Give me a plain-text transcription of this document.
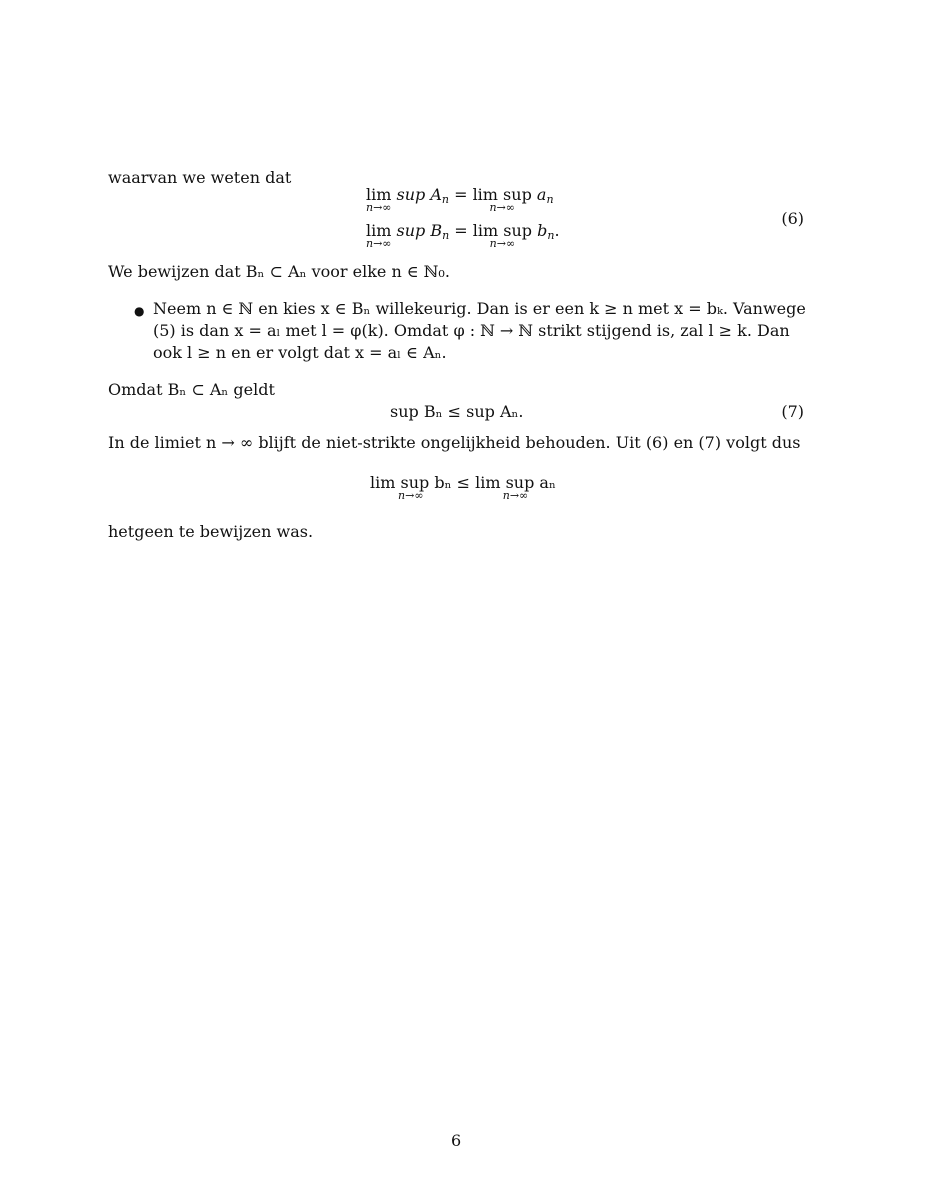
waarvan we weten dat
lim
n→∞
sup $A_n = \lim$ sup
n→∞
$a_n$
lim
n→∞
sup $B_n = \lim$ sup
n→∞
$b_n$.
(6)
We bewijzen dat Bₙ ⊂ Aₙ voor elke n ∈ ℕ₀.
● Neem n ∈ ℕ en kies x ∈ Bₙ willekeurig. Dan is er een k ≥ n met x = bₖ. Vanwege
(5) is dan x = aₗ met l = φ(k). Omdat φ : ℕ → ℕ strikt stijgend is, zal l ≥ k. Dan
ook l ≥ n en er volgt dat x = aₗ ∈ Aₙ.
Omdat Bₙ ⊂ Aₙ geldt
sup Bₙ ≤ sup Aₙ.	(7)
In de limiet n → ∞ blijft de niet-strikte ongelijkheid behouden. Uit (6) en (7) volgt dus
lim sup bₙ
n→∞
≤ lim sup aₙ
n→∞
hetgeen te bewijzen was.
6
